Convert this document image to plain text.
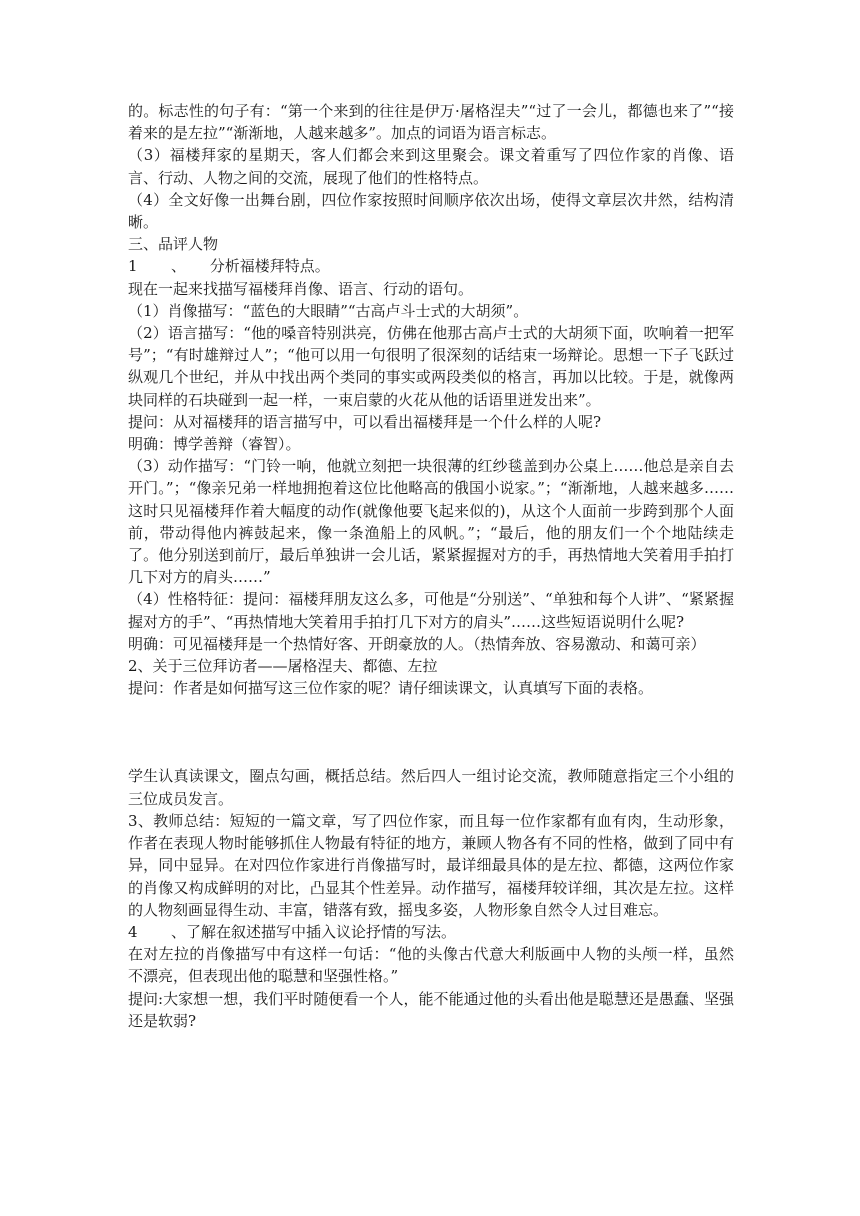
的。标志性的句子有：“第一个来到的往往是伊万·屠格涅夫”“过了一会儿，都德也来了”“接着来的是左拉”“渐渐地，人越来越多”。加点的词语为语言标志。

（3）福楼拜家的星期天，客人们都会来到这里聚会。课文着重写了四位作家的肖像、语言、行动、人物之间的交流，展现了他们的性格特点。

（4）全文好像一出舞台剧，四位作家按照时间顺序依次出场，使得文章层次井然，结构清晰。

三、品评人物

1 、 分析福楼拜特点。

现在一起来找描写福楼拜肖像、语言、行动的语句。

（1）肖像描写：“蓝色的大眼睛”“古高卢斗士式的大胡须”。

（2）语言描写：“他的嗓音特别洪亮，仿佛在他那古高卢士式的大胡须下面，吹响着一把军号”；“有时雄辩过人”；“他可以用一句很明了很深刻的话结束一场辩论。思想一下子飞跃过纵观几个世纪，并从中找出两个类同的事实或两段类似的格言，再加以比较。于是，就像两块同样的石块碰到一起一样，一束启蒙的火花从他的话语里迸发出来”。

提问：从对福楼拜的语言描写中，可以看出福楼拜是一个什么样的人呢?

明确：博学善辩（睿智）。

（3）动作描写：“门铃一响，他就立刻把一块很薄的红纱毯盖到办公桌上……他总是亲自去开门。”；“像亲兄弟一样地拥抱着这位比他略高的俄国小说家。”；“渐渐地，人越来越多……这时只见福楼拜作着大幅度的动作(就像他要飞起来似的)，从这个人面前一步跨到那个人面前，带动得他内裤鼓起来，像一条渔船上的风帆。”；“最后，他的朋友们一个个地陆续走了。他分别送到前厅，最后单独讲一会儿话，紧紧握握对方的手，再热情地大笑着用手拍打几下对方的肩头……”

（4）性格特征：提问：福楼拜朋友这么多，可他是“分别送”、“单独和每个人讲”、“紧紧握握对方的手”、“再热情地大笑着用手拍打几下对方的肩头”……这些短语说明什么呢?

明确：可见福楼拜是一个热情好客、开朗豪放的人。（热情奔放、容易激动、和蔼可亲）

2、关于三位拜访者——屠格涅夫、都德、左拉

提问：作者是如何描写这三位作家的呢？请仔细读课文，认真填写下面的表格。

学生认真读课文，圈点勾画，概括总结。然后四人一组讨论交流，教师随意指定三个小组的三位成员发言。

3、教师总结：短短的一篇文章，写了四位作家，而且每一位作家都有血有肉，生动形象，作者在表现人物时能够抓住人物最有特征的地方，兼顾人物各有不同的性格，做到了同中有异，同中显异。在对四位作家进行肖像描写时，最详细最具体的是左拉、都德，这两位作家的肖像又构成鲜明的对比，凸显其个性差异。动作描写，福楼拜较详细，其次是左拉。这样的人物刻画显得生动、丰富，错落有致，摇曳多姿，人物形象自然令人过目难忘。

4 、了解在叙述描写中插入议论抒情的写法。

在对左拉的肖像描写中有这样一句话：“他的头像古代意大利版画中人物的头颅一样，虽然不漂亮，但表现出他的聪慧和坚强性格。”

提问:大家想一想，我们平时随便看一个人，能不能通过他的头看出他是聪慧还是愚蠢、坚强还是软弱?
